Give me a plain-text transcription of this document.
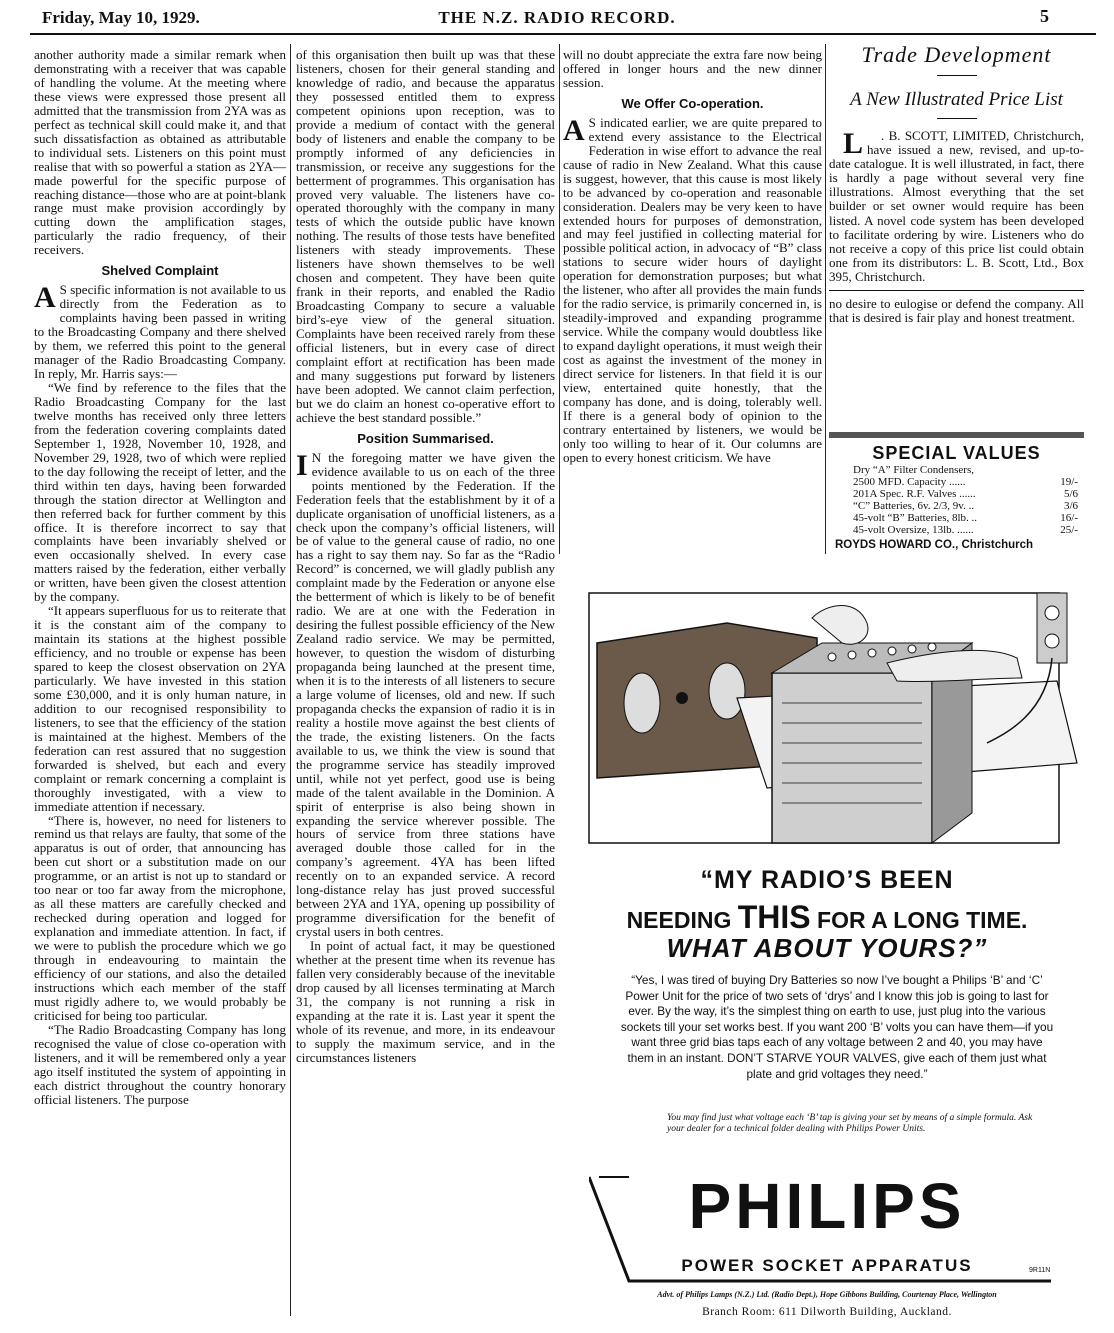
Friday, May 10, 1929.	THE N.Z. RADIO RECORD.	5

another authority made a similar remark when demonstrating with a receiver that was capable of handling the volume. At the meeting where these views were expressed those present all admitted that the transmission from 2YA was as perfect as technical skill could make it, and that such dissatisfaction as obtained as attributable to individual sets. Listeners on this point must realise that with so powerful a station as 2YA—made powerful for the specific purpose of reaching distance—those who are at point-blank range must make provision accordingly by cutting down the amplification stages, particularly the radio frequency, of their receivers.

Shelved Complaint

A S specific information is not available to us directly from the Federation as to complaints having been passed in writing to the Broadcasting Company and there shelved by them, we referred this point to the general manager of the Radio Broadcasting Company. In reply, Mr. Harris says:—

“We find by reference to the files that the Radio Broadcasting Company for the last twelve months has received only three letters from the federation covering complaints dated September 1, 1928, November 10, 1928, and November 29, 1928, two of which were replied to the day following the receipt of letter, and the third within ten days, having been forwarded through the station director at Wellington and then referred back for further comment by this office. It is therefore incorrect to say that complaints have been invariably shelved or even occasionally shelved. In every case matters raised by the federation, either verbally or written, have been given the closest attention by the company.

“It appears superfluous for us to reiterate that it is the constant aim of the company to maintain its stations at the highest possible efficiency, and no trouble or expense has been spared to keep the closest observation on 2YA particularly. We have invested in this station some £30,000, and it is only human nature, in addition to our recognised responsibility to listeners, to see that the efficiency of the station is maintained at the highest. Members of the federation can rest assured that no suggestion forwarded is shelved, but each and every complaint or remark concerning a complaint is thoroughly investigated, with a view to immediate attention if necessary.

“There is, however, no need for listeners to remind us that relays are faulty, that some of the apparatus is out of order, that announcing has been cut short or a substitution made on our programme, or an artist is not up to standard or too near or too far away from the microphone, as all these matters are carefully checked and rechecked during operation and logged for explanation and immediate attention. In fact, if we were to publish the procedure which we go through in endeavouring to maintain the efficiency of our stations, and also the detailed instructions which each member of the staff must rigidly adhere to, we would probably be criticised for being too particular.

“The Radio Broadcasting Company has long recognised the value of close co-operation with listeners, and it will be remembered only a year ago itself instituted the system of appointing in each district throughout the country honorary official listeners. The purpose

of this organisation then built up was that these listeners, chosen for their general standing and knowledge of radio, and because the apparatus they possessed entitled them to express competent opinions upon reception, was to provide a medium of contact with the general body of listeners and enable the company to be promptly informed of any deficiencies in transmission, or receive any suggestions for the betterment of programmes. This organisation has proved very valuable. The listeners have co-operated thoroughly with the company in many tests of which the outside public have known nothing. The results of those tests have benefited listeners with steady improvements. These listeners have shown themselves to be well chosen and competent. They have been quite frank in their reports, and enabled the Radio Broadcasting Company to secure a valuable bird’s-eye view of the general situation. Complaints have been received rarely from these official listeners, but in every case of direct complaint effort at rectification has been made and many suggestions put forward by listeners have been adopted. We cannot claim perfection, but we do claim an honest co-operative effort to achieve the best standard possible.”

Position Summarised.

I N the foregoing matter we have given the evidence available to us on each of the three points mentioned by the Federation. If the Federation feels that the establishment by it of a duplicate organisation of unofficial listeners, as a check upon the company’s official listeners, will be of value to the general cause of radio, no one has a right to say them nay. So far as the “Radio Record” is concerned, we will gladly publish any complaint made by the Federation or anyone else the betterment of which is likely to be of benefit radio. We are at one with the Federation in desiring the fullest possible efficiency of the New Zealand radio service. We may be permitted, however, to question the wisdom of disturbing propaganda being launched at the present time, when it is to the interests of all listeners to secure a large volume of licenses, old and new. If such propaganda checks the expansion of radio it is in reality a hostile move against the best clients of the trade, the existing listeners. On the facts available to us, we think the view is sound that the programme service has steadily improved until, while not yet perfect, good use is being made of the talent available in the Dominion. A spirit of enterprise is also being shown in expanding the service wherever possible. The hours of service from three stations have averaged double those called for in the company’s agreement. 4YA has been lifted recently on to an expanded service. A record long-distance relay has just proved successful between 2YA and 1YA, opening up possibility of programme diversification for the benefit of crystal users in both centres.

In point of actual fact, it may be questioned whether at the present time when its revenue has fallen very considerably because of the inevitable drop caused by all licenses terminating at March 31, the company is not running a risk in expanding at the rate it is. Last year it spent the whole of its revenue, and more, in its endeavour to supply the maximum service, and in the circumstances listeners

will no doubt appreciate the extra fare now being offered in longer hours and the new dinner session.

We Offer Co-operation.

A S indicated earlier, we are quite prepared to extend every assistance to the Electrical Federation in wise effort to advance the real cause of radio in New Zealand. What this cause is suggest, however, that this cause is most likely to be advanced by co-operation and reasonable consideration. Dealers may be very keen to have extended hours for purposes of demonstration, and may feel justified in collecting material for possible political action, in advocacy of “B” class stations to secure wider hours of daylight operation for demonstration purposes; but what the listener, who after all provides the main funds for the radio service, is primarily concerned in, is steadily-improved and expanding programme service. While the company would doubtless like to expand daylight operations, it must weigh their cost as against the investment of the money in direct service for listeners. In that field it is our view, entertained quite honestly, that the company has done, and is doing, tolerably well. If there is a general body of opinion to the contrary entertained by listeners, we would be only too willing to hear of it. Our columns are open to every honest criticism. We have

Trade Development
A New Illustrated Price List

L . B. SCOTT, LIMITED, Christchurch, have issued a new, revised, and up-to-date catalogue. It is well illustrated, in fact, there is hardly a page without several very fine illustrations. Almost everything that the set builder or set owner would require has been listed. A novel code system has been developed to facilitate ordering by wire. Listeners who do not receive a copy of this price list could obtain one from its distributors: L. B. Scott, Ltd., Box 395, Christchurch.

no desire to eulogise or defend the company. All that is desired is fair play and honest treatment.
SPECIAL VALUES
Dry “A” Filter Condensers,
2500 MFD. Capacity ......	19/-
201A Spec. R.F. Valves ......	5/6
“C” Batteries, 6v. 2/3, 9v. ..	3/6
45-volt “B” Batteries, 8lb. ..	16/-
45-volt Oversize, 13lb. ......	25/-
ROYDS HOWARD CO., Christchurch
“MY RADIO’S BEEN
NEEDING THIS FOR A LONG TIME.
WHAT ABOUT YOURS?”
“Yes, I was tired of buying Dry Batteries so now I’ve bought a Philips ‘B’ and ‘C’ Power Unit for the price of two sets of ‘drys’ and I know this job is going to last for ever. By the way, it’s the simplest thing on earth to use, just plug into the various sockets till your set works best. If you want 200 ‘B’ volts you can have them—if you want three grid bias taps each of any voltage between 2 and 40, you may have them in an instant. DON’T STARVE YOUR VALVES, give each of them just what plate and grid voltages they need.”
You may find just what voltage each ‘B’ tap is giving your set by means of a simple formula. Ask your dealer for a technical folder dealing with Philips Power Units.
PHILIPS
POWER SOCKET APPARATUS	9R11N
Advt. of Philips Lamps (N.Z.) Ltd. (Radio Dept.), Hope Gibbons Building, Courtenay Place, Wellington
Branch Room: 611 Dilworth Building, Auckland.
